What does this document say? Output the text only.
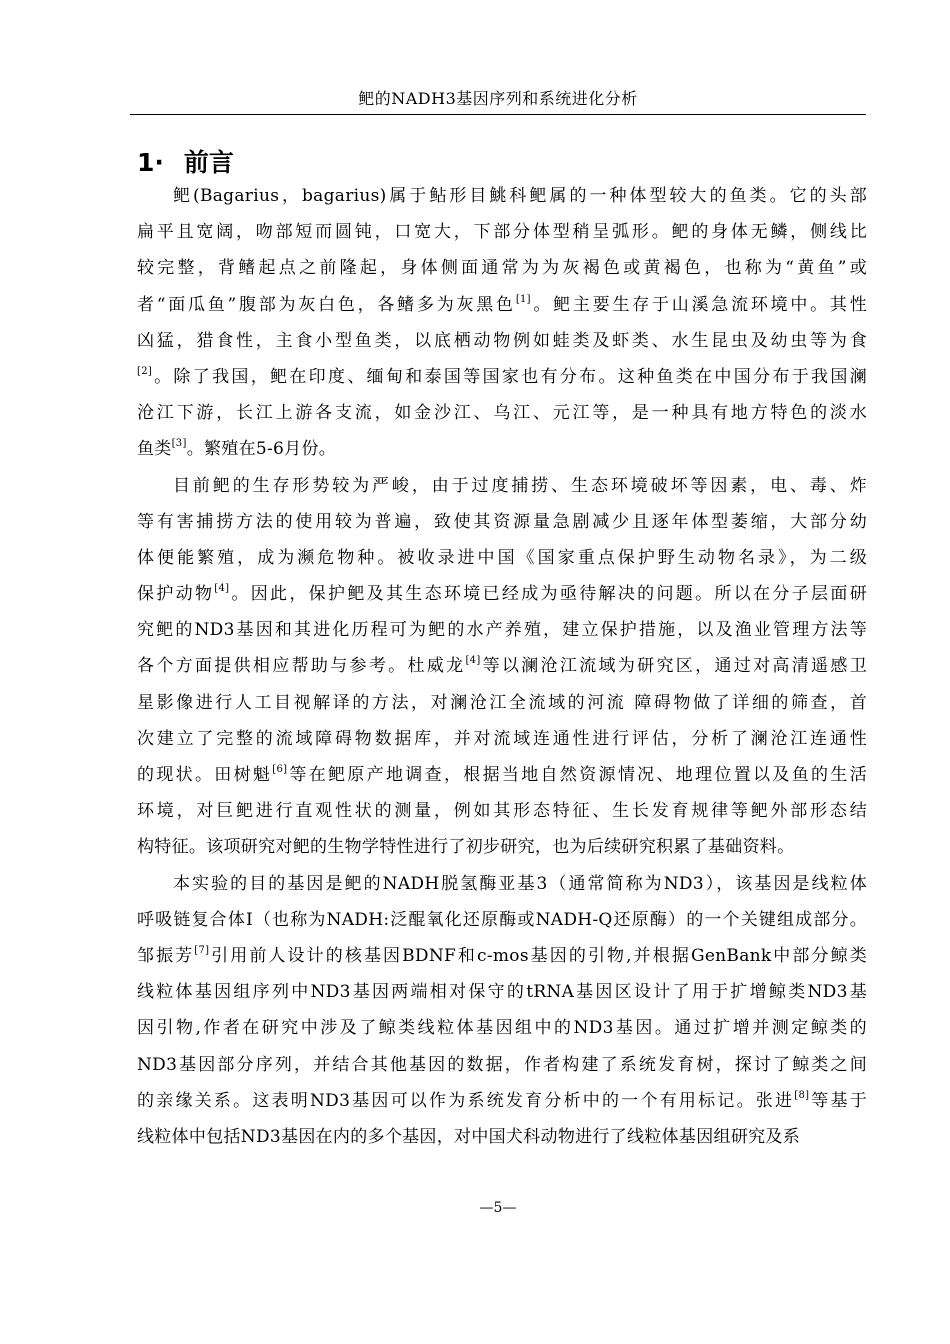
鲃的NADH3基因序列和系统进化分析
1· 前言
鲃(Bagarius，bagarius)属于鲇形目鮡科鲃属的一种体型较大的鱼类。它的头部
扁平且宽阔，吻部短而圆钝，口宽大，下部分体型稍呈弧形。鲃的身体无鳞，侧线比
较完整，背鳍起点之前隆起，身体侧面通常为为灰褐色或黄褐色，也称为“黄鱼”或
者“面瓜鱼”腹部为灰白色，各鳍多为灰黑色[1]。鲃主要生存于山溪急流环境中。其性
凶猛，猎食性，主食小型鱼类，以底栖动物例如蛙类及虾类、水生昆虫及幼虫等为食
[2]。除了我国，鲃在印度、缅甸和泰国等国家也有分布。这种鱼类在中国分布于我国澜
沧江下游，长江上游各支流，如金沙江、乌江、元江等，是一种具有地方特色的淡水
鱼类[3]。繁殖在5-6月份。
目前鲃的生存形势较为严峻，由于过度捕捞、生态环境破坏等因素，电、毒、炸
等有害捕捞方法的使用较为普遍，致使其资源量急剧减少且逐年体型萎缩，大部分幼
体便能繁殖，成为濒危物种。被收录进中国《国家重点保护野生动物名录》，为二级
保护动物[4]。因此，保护鲃及其生态环境已经成为亟待解决的问题。所以在分子层面研
究鲃的ND3基因和其进化历程可为鲃的水产养殖，建立保护措施，以及渔业管理方法等
各个方面提供相应帮助与参考。杜威龙[4]等以澜沧江流域为研究区，通过对高清遥感卫
星影像进行人工目视解译的方法，对澜沧江全流域的河流 障碍物做了详细的筛查，首
次建立了完整的流域障碍物数据库，并对流域连通性进行评估，分析了澜沧江连通性
的现状。田树魁[6]等在鲃原产地调查，根据当地自然资源情况、地理位置以及鱼的生活
环境，对巨鲃进行直观性状的测量，例如其形态特征、生长发育规律等鲃外部形态结
构特征。该项研究对鲃的生物学特性进行了初步研究，也为后续研究积累了基础资料。
本实验的目的基因是鲃的NADH脱氢酶亚基3（通常简称为ND3），该基因是线粒体
呼吸链复合体Ⅰ（也称为NADH:泛醌氧化还原酶或NADH-Q还原酶）的一个关键组成部分。
邹振芳[7]引用前人设计的核基因BDNF和c-mos基因的引物,并根据GenBank中部分鲸类
线粒体基因组序列中ND3基因两端相对保守的tRNA基因区设计了用于扩增鲸类ND3基
因引物,作者在研究中涉及了鲸类线粒体基因组中的ND3基因。通过扩增并测定鲸类的
ND3基因部分序列，并结合其他基因的数据，作者构建了系统发育树，探讨了鲸类之间
的亲缘关系。这表明ND3基因可以作为系统发育分析中的一个有用标记。张进[8]等基于
线粒体中包括ND3基因在内的多个基因，对中国犬科动物进行了线粒体基因组研究及系
—5—
